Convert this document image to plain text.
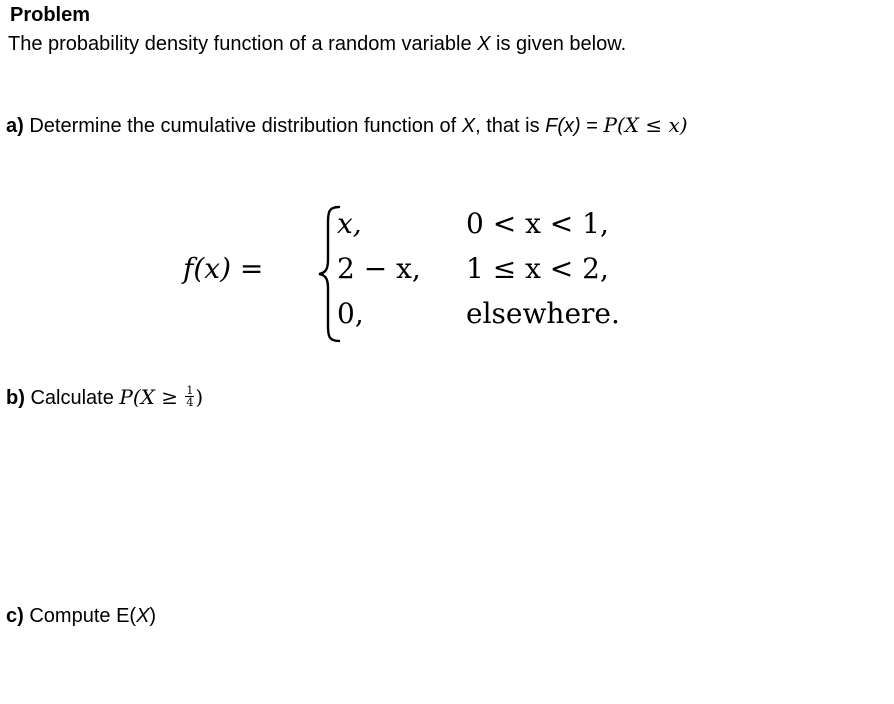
Problem
The probability density function of a random variable X is given below.
a) Determine the cumulative distribution function of X, that is F(x) = P(X ≤ x)
f(x) =
x,
2 − x,
0,
0 < x < 1,
1 ≤ x < 2,
elsewhere.
b) Calculate $P(X \ge \frac{1}{4}$ )
c) Compute E(X)
